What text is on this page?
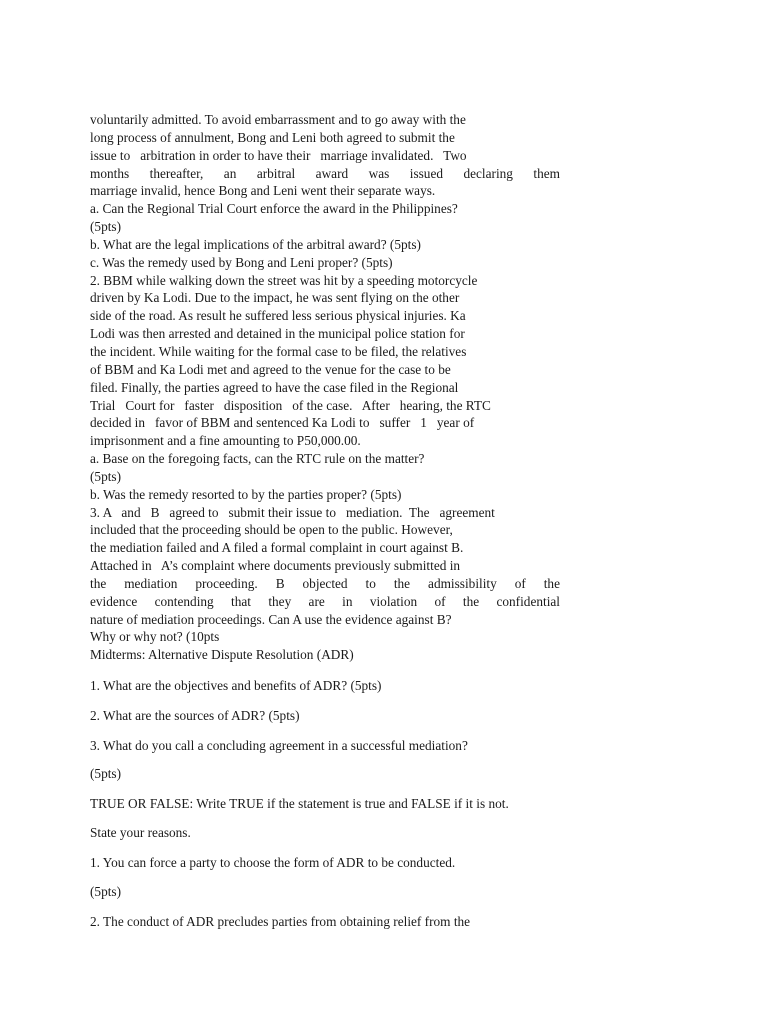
voluntarily admitted. To avoid embarrassment and to go away with the
long process of annulment, Bong and Leni both agreed to submit the
issue to   arbitration in order to have their   marriage invalidated.   Two
months thereafter, an arbitral award was issued declaring them
marriage invalid, hence Bong and Leni went their separate ways.
a. Can the Regional Trial Court enforce the award in the Philippines?
(5pts)
b. What are the legal implications of the arbitral award? (5pts)
c. Was the remedy used by Bong and Leni proper? (5pts)
2. BBM while walking down the street was hit by a speeding motorcycle
driven by Ka Lodi. Due to the impact, he was sent flying on the other
side of the road. As result he suffered less serious physical injuries. Ka
Lodi was then arrested and detained in the municipal police station for
the incident. While waiting for the formal case to be filed, the relatives
of BBM and Ka Lodi met and agreed to the venue for the case to be
filed. Finally, the parties agreed to have the case filed in the Regional
Trial   Court for   faster   disposition   of the case.   After   hearing, the RTC
decided in   favor of BBM and sentenced Ka Lodi to   suffer   1   year of
imprisonment and a fine amounting to P50,000.00.
a. Base on the foregoing facts, can the RTC rule on the matter?
(5pts)
b. Was the remedy resorted to by the parties proper? (5pts)
3. A   and   B   agreed to   submit their issue to   mediation.  The   agreement
included that the proceeding should be open to the public. However,
the mediation failed and A filed a formal complaint in court against B.
Attached in   A’s complaint where documents previously submitted in
the mediation proceeding. B objected to the admissibility of the
evidence contending that they are in violation of the confidential
nature of mediation proceedings. Can A use the evidence against B?
Why or why not? (10pts
Midterms: Alternative Dispute Resolution (ADR)
1. What are the objectives and benefits of ADR? (5pts)
2. What are the sources of ADR? (5pts)
3. What do you call a concluding agreement in a successful mediation?
(5pts)
TRUE OR FALSE: Write TRUE if the statement is true and FALSE if it is not.
State your reasons.
1. You can force a party to choose the form of ADR to be conducted.
(5pts)
2. The conduct of ADR precludes parties from obtaining relief from the
